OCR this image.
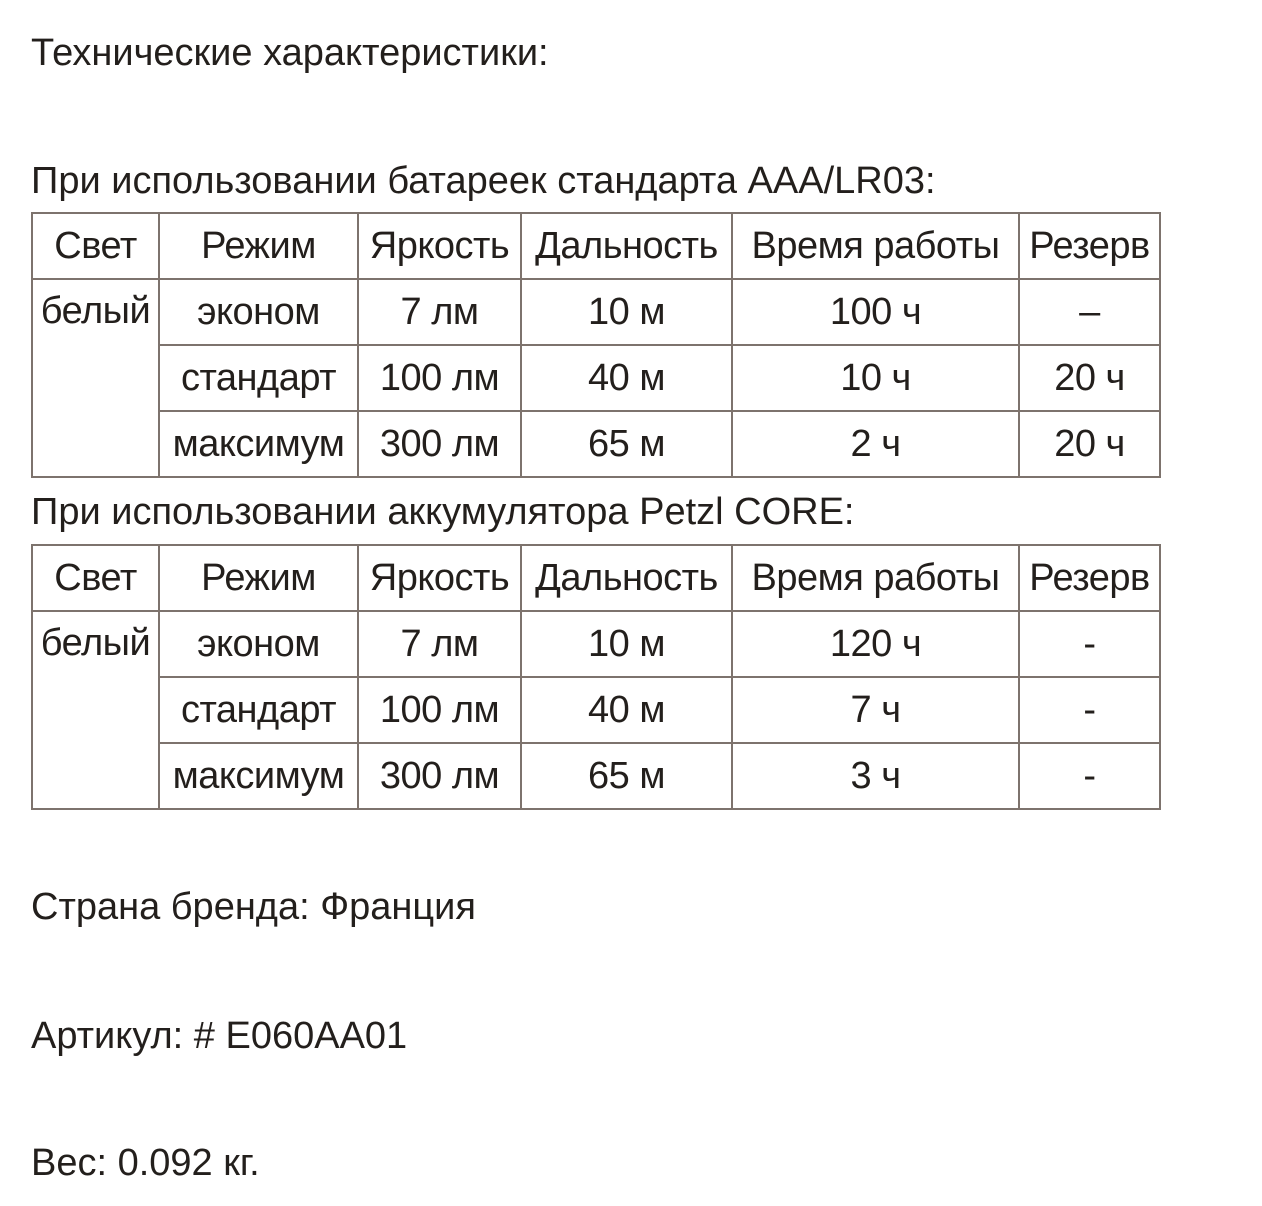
Технические характеристики:

При использовании батареек стандарта AAA/LR03:

Свет	Режим	Яркость	Дальность	Время работы	Резерв
белый	эконом	7 лм	10 м	100 ч	–
	стандарт	100 лм	40 м	10 ч	20 ч
	максимум	300 лм	65 м	2 ч	20 ч

При использовании аккумулятора Petzl CORE:

Свет	Режим	Яркость	Дальность	Время работы	Резерв
белый	эконом	7 лм	10 м	120 ч	-
	стандарт	100 лм	40 м	7 ч	-
	максимум	300 лм	65 м	3 ч	-

Страна бренда: Франция

Артикул: # E060AA01

Вес: 0.092 кг.
